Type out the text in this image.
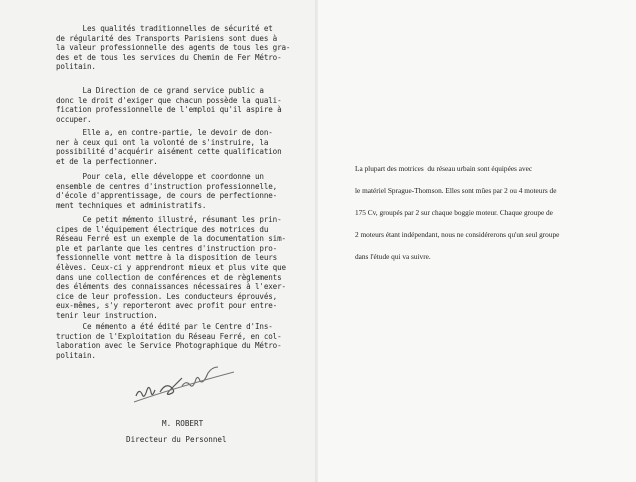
Les qualités traditionnelles de sécurité et
de régularité des Transports Parisiens sont dues à
la valeur professionnelle des agents de tous les gra-
des et de tous les services du Chemin de Fer Métro-
politain.

La Direction de ce grand service public a
donc le droit d'exiger que chacun possède la quali-
fication professionnelle de l'emploi qu'il aspire à
occuper.

Elle a, en contre-partie, le devoir de don-
ner à ceux qui ont la volonté de s'instruire, la
possibilité d'acquérir aisément cette qualification
et de la perfectionner.

Pour cela, elle développe et coordonne un
ensemble de centres d'instruction professionnelle,
d'école d'apprentissage, de cours de perfectionne-
ment techniques et administratifs.

Ce petit mémento illustré, résumant les prin-
cipes de l'équipement électrique des motrices du
Réseau Ferré est un exemple de la documentation sim-
ple et parlante que les centres d'instruction pro-
fessionnelle vont mettre à la disposition de leurs
élèves. Ceux-ci y apprendront mieux et plus vite que
dans une collection de conférences et de règlements
des éléments des connaissances nécessaires à l'exer-
cice de leur profession. Les conducteurs éprouvés,
eux-mêmes, s'y reporteront avec profit pour entre-
tenir leur instruction.

Ce mémento a été édité par le Centre d'Ins-
truction de l'Exploitation du Réseau Ferré, en col-
laboration avec le Service Photographique du Métro-
politain.

M. ROBERT

Directeur du Personnel

La plupart des motrices  du réseau urbain sont équipées avec
le matériel Sprague-Thomson. Elles sont mûes par 2 ou 4 moteurs de
175 Cv, groupés par 2 sur chaque boggie moteur. Chaque groupe de
2 moteurs étant indépendant, nous ne considérerons qu'un seul groupe
dans l'étude qui va suivre.
